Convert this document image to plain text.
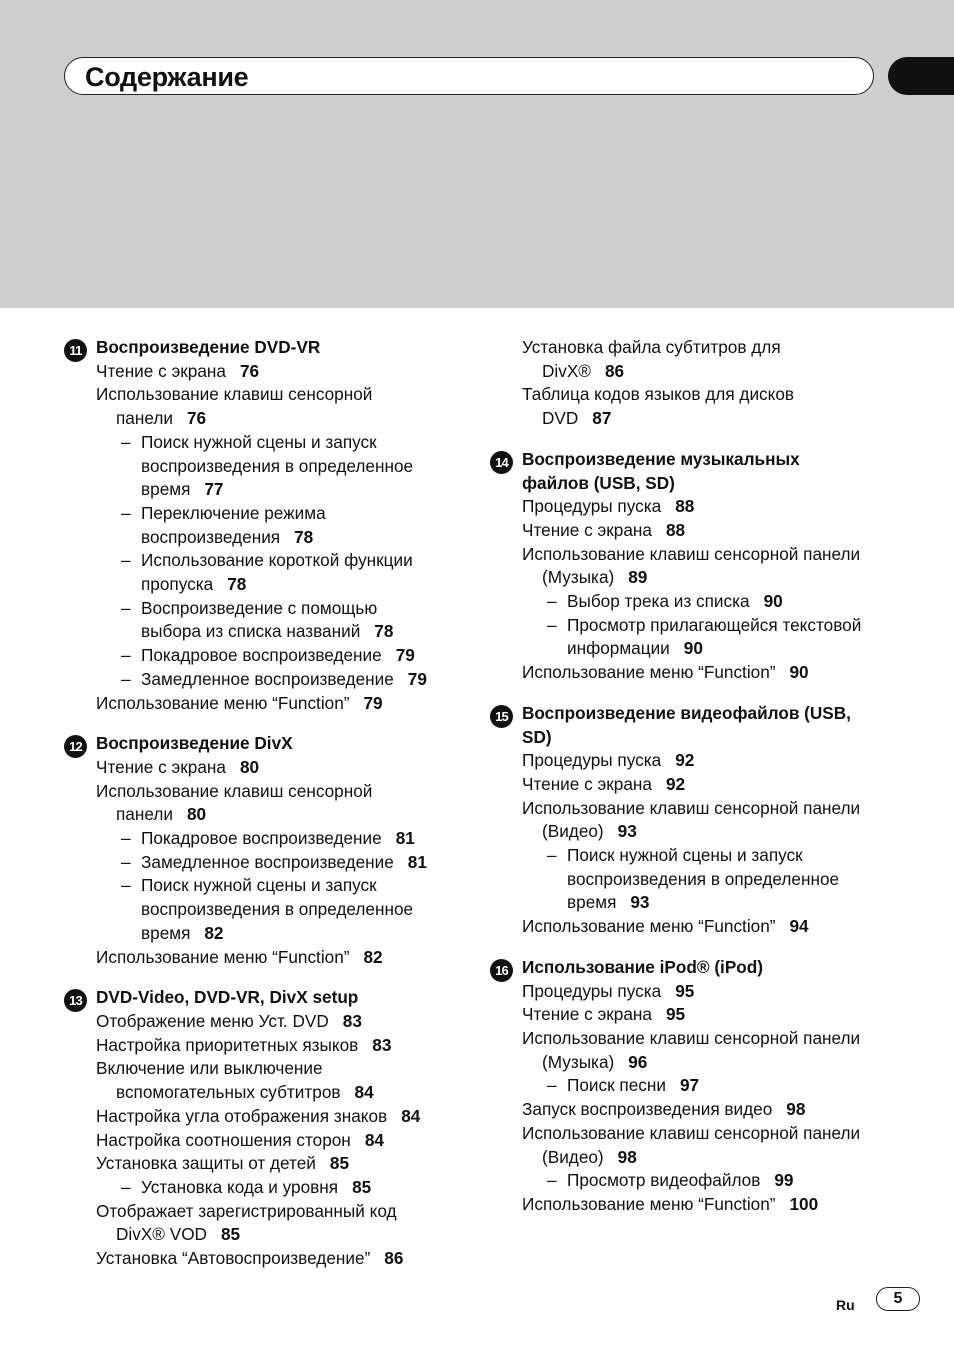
Содержание
11 Воспроизведение DVD-VR
Чтение с экрана 76
Использование клавиш сенсорной
панели 76
– Поиск нужной сцены и запуск
воспроизведения в определенное
время 77
– Переключение режима
воспроизведения 78
– Использование короткой функции
пропуска 78
– Воспроизведение с помощью
выбора из списка названий 78
– Покадровое воспроизведение 79
– Замедленное воспроизведение 79
Использование меню “Function” 79
12 Воспроизведение DivX
Чтение с экрана 80
Использование клавиш сенсорной
панели 80
– Покадровое воспроизведение 81
– Замедленное воспроизведение 81
– Поиск нужной сцены и запуск
воспроизведения в определенное
время 82
Использование меню “Function” 82
13 DVD-Video, DVD-VR, DivX setup
Отображение меню Уст. DVD 83
Настройка приоритетных языков 83
Включение или выключение
вспомогательных субтитров 84
Настройка угла отображения знаков 84
Настройка соотношения сторон 84
Установка защиты от детей 85
– Установка кода и уровня 85
Отображает зарегистрированный код
DivX® VOD 85
Установка “Автовоспроизведение” 86
Установка файла субтитров для
DivX® 86
Таблица кодов языков для дисков
DVD 87
14 Воспроизведение музыкальных
файлов (USB, SD)
Процедуры пуска 88
Чтение с экрана 88
Использование клавиш сенсорной панели
(Музыка) 89
– Выбор трека из списка 90
– Просмотр прилагающейся текстовой
информации 90
Использование меню “Function” 90
15 Воспроизведение видеофайлов (USB,
SD)
Процедуры пуска 92
Чтение с экрана 92
Использование клавиш сенсорной панели
(Видео) 93
– Поиск нужной сцены и запуск
воспроизведения в определенное
время 93
Использование меню “Function” 94
16 Использование iPod® (iPod)
Процедуры пуска 95
Чтение с экрана 95
Использование клавиш сенсорной панели
(Музыка) 96
– Поиск песни 97
Запуск воспроизведения видео 98
Использование клавиш сенсорной панели
(Видео) 98
– Просмотр видеофайлов 99
Использование меню “Function” 100
Ru	5
